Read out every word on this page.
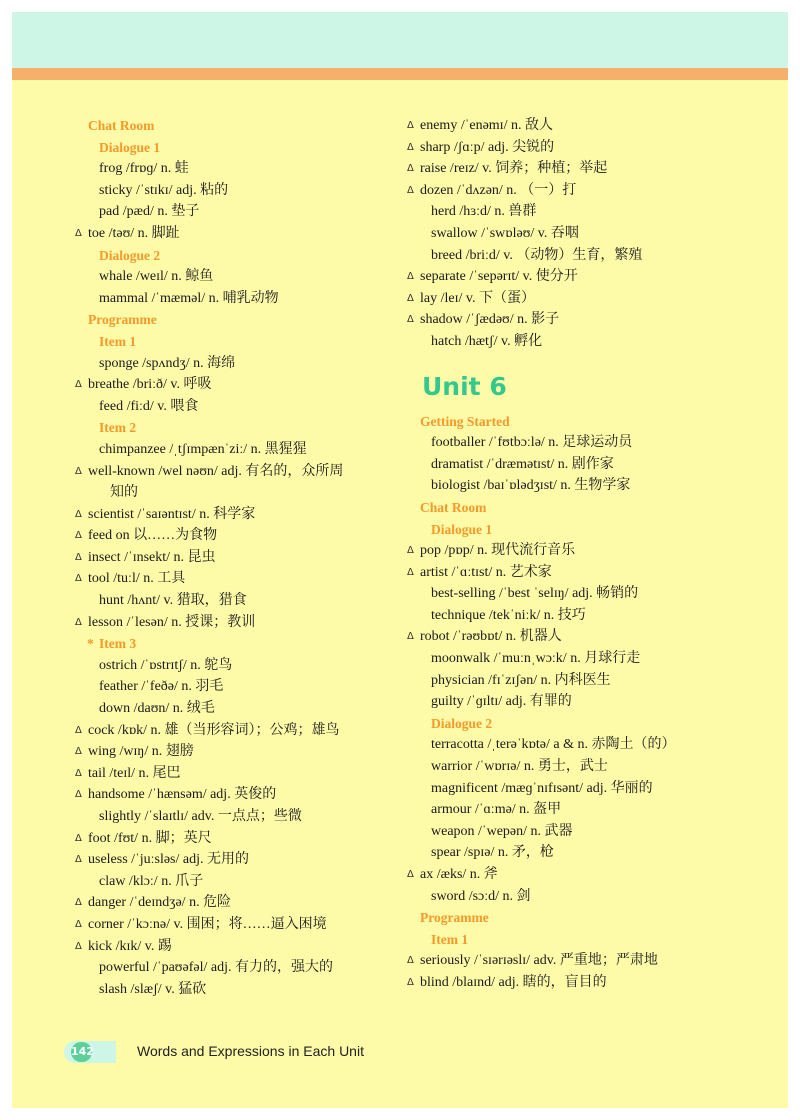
Chat Room
Dialogue 1
frog /frɒɡ/ n. 蛙
sticky /ˈstɪkɪ/ adj. 粘的
pad /pæd/ n. 垫子
Δ toe /təʊ/ n. 脚趾
Dialogue 2
whale /weɪl/ n. 鲸鱼
mammal /ˈmæməl/ n. 哺乳动物
Programme
Item 1
sponge /spʌndʒ/ n. 海绵
Δ breathe /briːð/ v. 呼吸
feed /fiːd/ v. 喂食
Item 2
chimpanzee /ˌtʃɪmpænˈziː/ n. 黑猩猩
Δ well-known /wel nəʊn/ adj. 有名的，众所周
知的
Δ scientist /ˈsaɪəntɪst/ n. 科学家
Δ feed on 以……为食物
Δ insect /ˈɪnsekt/ n. 昆虫
Δ tool /tuːl/ n. 工具
hunt /hʌnt/ v. 猎取，猎食
Δ lesson /ˈlesən/ n. 授课；教训
* Item 3
ostrich /ˈɒstrɪtʃ/ n. 鸵鸟
feather /ˈfeðə/ n. 羽毛
down /daʊn/ n. 绒毛
Δ cock /kɒk/ n. 雄（当形容词）；公鸡；雄鸟
Δ wing /wɪŋ/ n. 翅膀
Δ tail /teɪl/ n. 尾巴
Δ handsome /ˈhænsəm/ adj. 英俊的
slightly /ˈslaɪtlɪ/ adv. 一点点；些微
Δ foot /fʊt/ n. 脚；英尺
Δ useless /ˈjuːsləs/ adj. 无用的
claw /klɔː/ n. 爪子
Δ danger /ˈdeɪndʒə/ n. 危险
Δ corner /ˈkɔːnə/ v. 围困；将……逼入困境
Δ kick /kɪk/ v. 踢
powerful /ˈpaʊəfəl/ adj. 有力的，强大的
slash /slæʃ/ v. 猛砍
Δ enemy /ˈenəmɪ/ n. 敌人
Δ sharp /ʃɑːp/ adj. 尖锐的
Δ raise /reɪz/ v. 饲养；种植；举起
Δ dozen /ˈdʌzən/ n. （一）打
herd /hɜːd/ n. 兽群
swallow /ˈswɒləʊ/ v. 吞咽
breed /briːd/ v. （动物）生育，繁殖
Δ separate /ˈsepərɪt/ v. 使分开
Δ lay /leɪ/ v. 下（蛋）
Δ shadow /ˈʃædəʊ/ n. 影子
hatch /hætʃ/ v. 孵化
Unit 6
Getting Started
footballer /ˈfʊtbɔːlə/ n. 足球运动员
dramatist /ˈdræmətɪst/ n. 剧作家
biologist /baɪˈɒlədʒɪst/ n. 生物学家
Chat Room
Dialogue 1
Δ pop /pɒp/ n. 现代流行音乐
Δ artist /ˈɑːtɪst/ n. 艺术家
best-selling /ˈbest ˈselɪŋ/ adj. 畅销的
technique /tekˈniːk/ n. 技巧
Δ robot /ˈrəʊbɒt/ n. 机器人
moonwalk /ˈmuːnˌwɔːk/ n. 月球行走
physician /fɪˈzɪʃən/ n. 内科医生
guilty /ˈɡɪltɪ/ adj. 有罪的
Dialogue 2
terracotta /ˌterəˈkɒtə/ a & n. 赤陶土（的）
warrior /ˈwɒrɪə/ n. 勇士，武士
magnificent /mæɡˈnɪfɪsənt/ adj. 华丽的
armour /ˈɑːmə/ n. 盔甲
weapon /ˈwepən/ n. 武器
spear /spɪə/ n. 矛，枪
Δ ax /æks/ n. 斧
sword /sɔːd/ n. 剑
Programme
Item 1
Δ seriously /ˈsɪərɪəslɪ/ adv. 严重地；严肃地
Δ blind /blaɪnd/ adj. 瞎的，盲目的
142	Words and Expressions in Each Unit
